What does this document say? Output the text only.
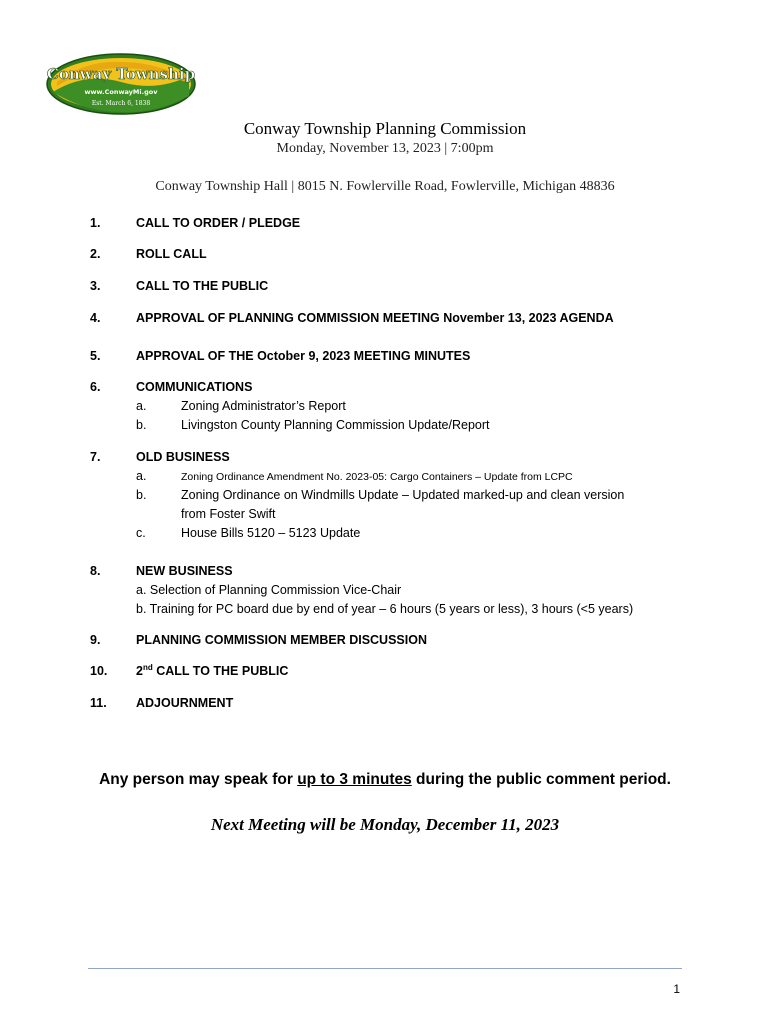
Conway Township
www.ConwayMi.gov
Est. March 6, 1838
Conway Township Planning Commission
Monday, November 13, 2023 | 7:00pm
Conway Township Hall | 8015 N. Fowlerville Road, Fowlerville, Michigan 48836
1.	CALL TO ORDER / PLEDGE
2.	ROLL CALL
3.	CALL TO THE PUBLIC
4.	APPROVAL OF PLANNING COMMISSION MEETING November 13, 2023 AGENDA
5.	APPROVAL OF THE October 9, 2023 MEETING MINUTES
6.	COMMUNICATIONS
a.	Zoning Administrator’s Report
b.	Livingston County Planning Commission Update/Report
7.	OLD BUSINESS
a.	Zoning Ordinance Amendment No. 2023-05: Cargo Containers – Update from LCPC
b.	Zoning Ordinance on Windmills Update – Updated marked-up and clean version
from Foster Swift
c.	House Bills 5120 – 5123 Update
8.	NEW BUSINESS
a. Selection of Planning Commission Vice-Chair
b. Training for PC board due by end of year – 6 hours (5 years or less), 3 hours (<5 years)
9.	PLANNING COMMISSION MEMBER DISCUSSION
10. 2nd CALL TO THE PUBLIC
11. ADJOURNMENT
Any person may speak for up to 3 minutes during the public comment period.
Next Meeting will be Monday, December 11, 2023
1
